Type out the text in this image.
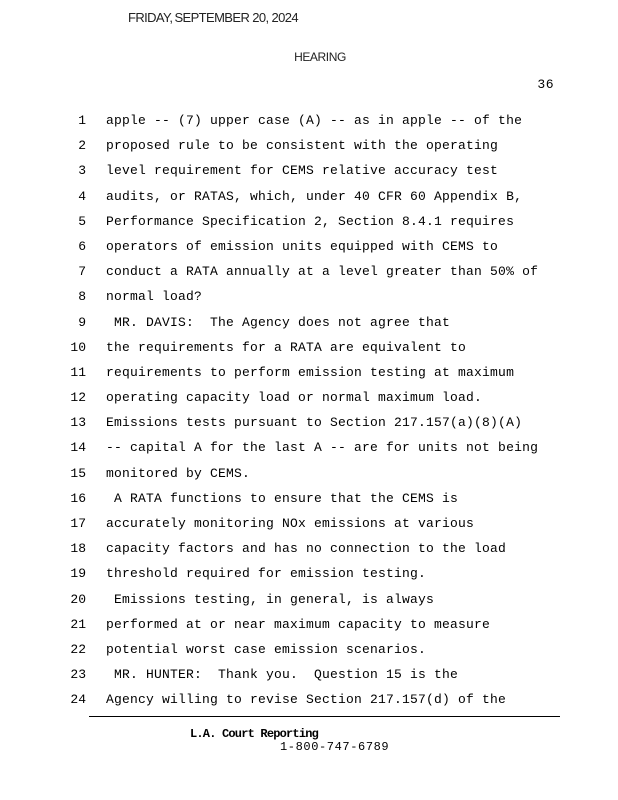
FRIDAY, SEPTEMBER 20, 2024
HEARING
36
1 apple -- (7) upper case (A) -- as in apple -- of the
2 proposed rule to be consistent with the operating
3 level requirement for CEMS relative accuracy test
4 audits, or RATAS, which, under 40 CFR 60 Appendix B,
5 Performance Specification 2, Section 8.4.1 requires
6 operators of emission units equipped with CEMS to
7 conduct a RATA annually at a level greater than 50% of
8 normal load?
9 MR. DAVIS:  The Agency does not agree that
10 the requirements for a RATA are equivalent to
11 requirements to perform emission testing at maximum
12 operating capacity load or normal maximum load.
13 Emissions tests pursuant to Section 217.157(a)(8)(A)
14 -- capital A for the last A -- are for units not being
15 monitored by CEMS.
16 A RATA functions to ensure that the CEMS is
17 accurately monitoring NOx emissions at various
18 capacity factors and has no connection to the load
19 threshold required for emission testing.
20 Emissions testing, in general, is always
21 performed at or near maximum capacity to measure
22 potential worst case emission scenarios.
23 MR. HUNTER:  Thank you.  Question 15 is the
24 Agency willing to revise Section 217.157(d) of the
L.A. Court Reporting
1-800-747-6789
